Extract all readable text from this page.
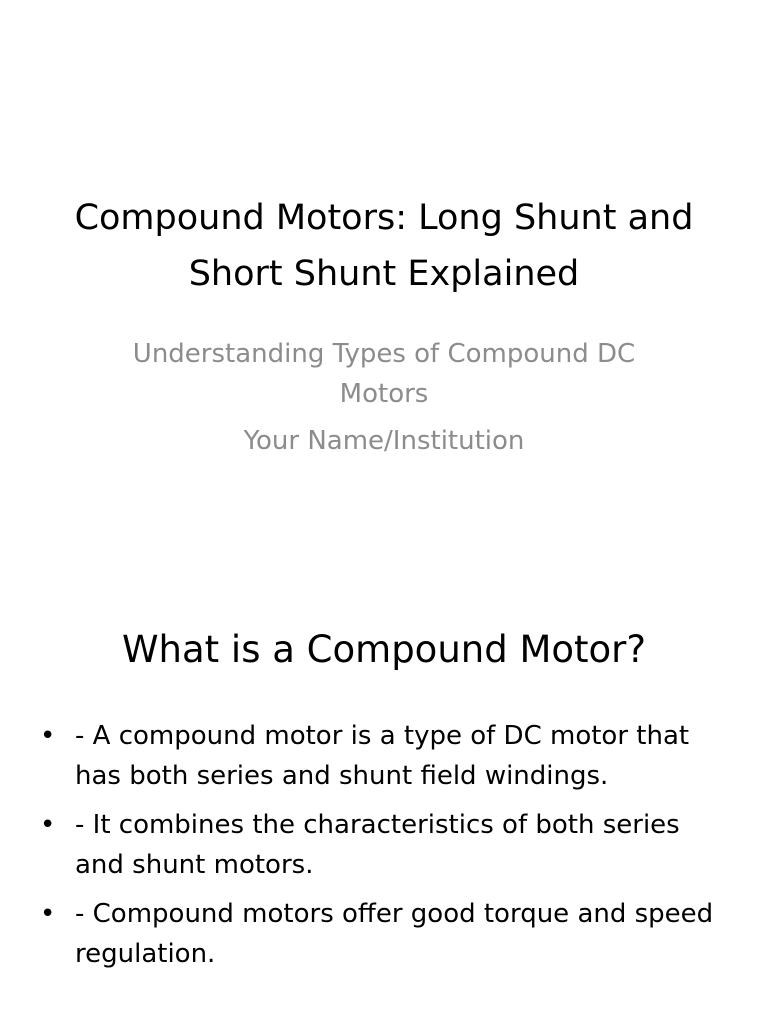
Compound Motors: Long Shunt and Short Shunt Explained

Understanding Types of Compound DC Motors

Your Name/Institution

What is a Compound Motor?
• - A compound motor is a type of DC motor that has both series and shunt field windings.
• - It combines the characteristics of both series and shunt motors.
• - Compound motors offer good torque and speed regulation.
